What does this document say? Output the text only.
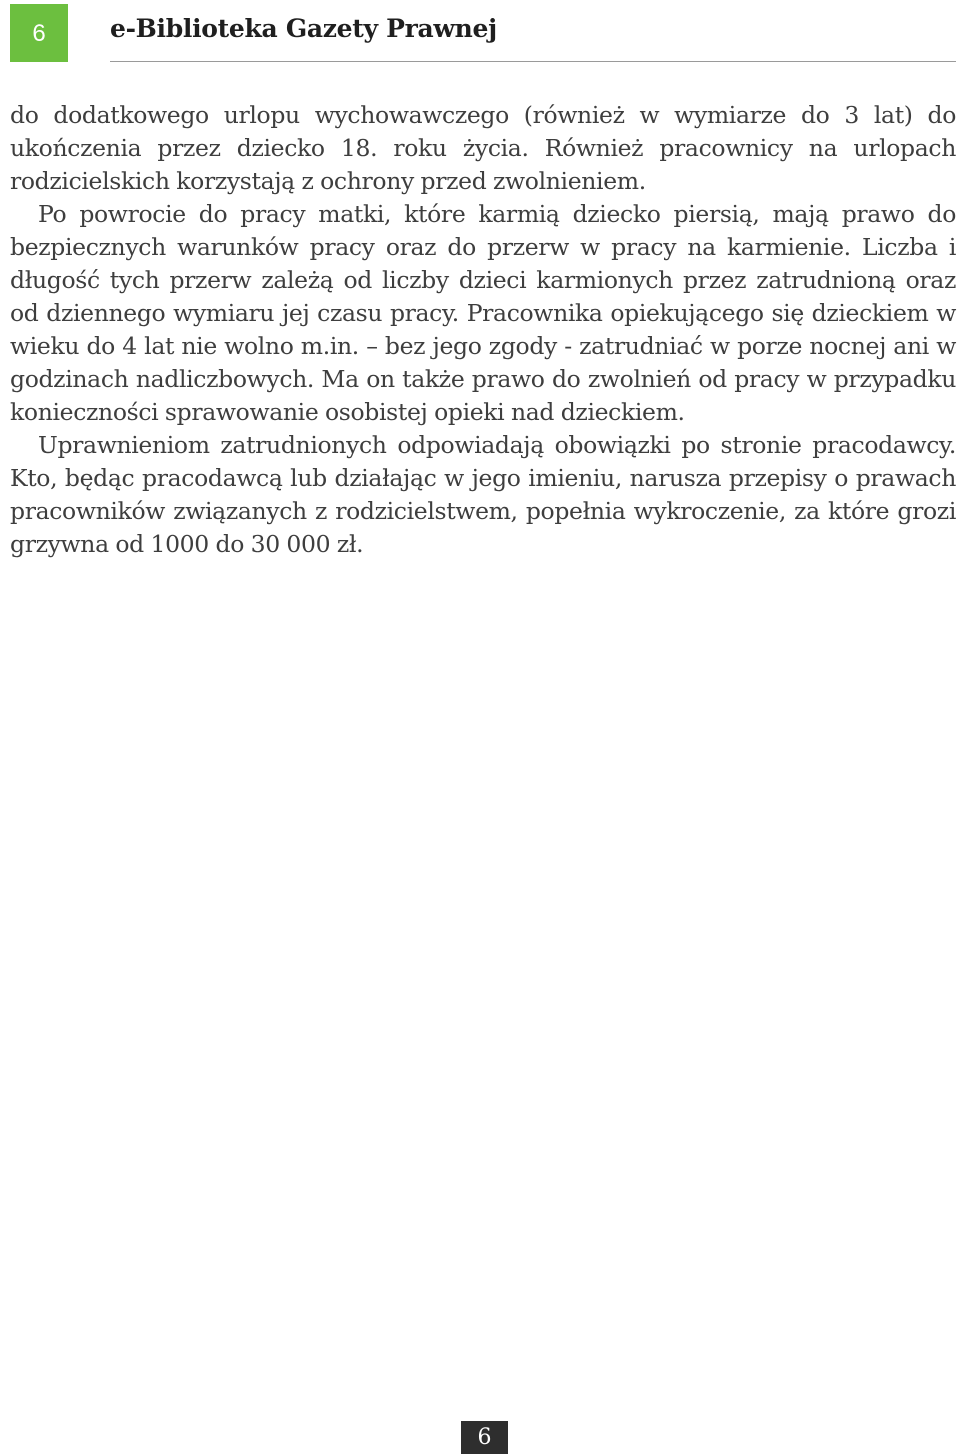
6	e-Biblioteka Gazety Prawnej

do dodatkowego urlopu wychowawczego (również w wymiarze do 3 lat) do ukończenia przez dziecko 18. roku życia. Również pracownicy na urlopach rodzicielskich korzystają z ochrony przed zwolnieniem.

Po powrocie do pracy matki, które karmią dziecko piersią, mają prawo do bezpiecznych warunków pracy oraz do przerw w pracy na karmienie. Liczba i długość tych przerw zależą od liczby dzieci karmionych przez zatrudnioną oraz od dziennego wymiaru jej czasu pracy. Pracownika opiekującego się dzieckiem w wieku do 4 lat nie wolno m.in. – bez jego zgody - zatrudniać w porze nocnej ani w godzinach nadliczbowych. Ma on także prawo do zwolnień od pracy w przypadku konieczności sprawowanie osobistej opieki nad dzieckiem.

Uprawnieniom zatrudnionych odpowiadają obowiązki po stronie pracodawcy. Kto, będąc pracodawcą lub działając w jego imieniu, narusza przepisy o prawach pracowników związanych z rodzicielstwem, popełnia wykroczenie, za które grozi grzywna od 1000 do 30 000 zł.

6
